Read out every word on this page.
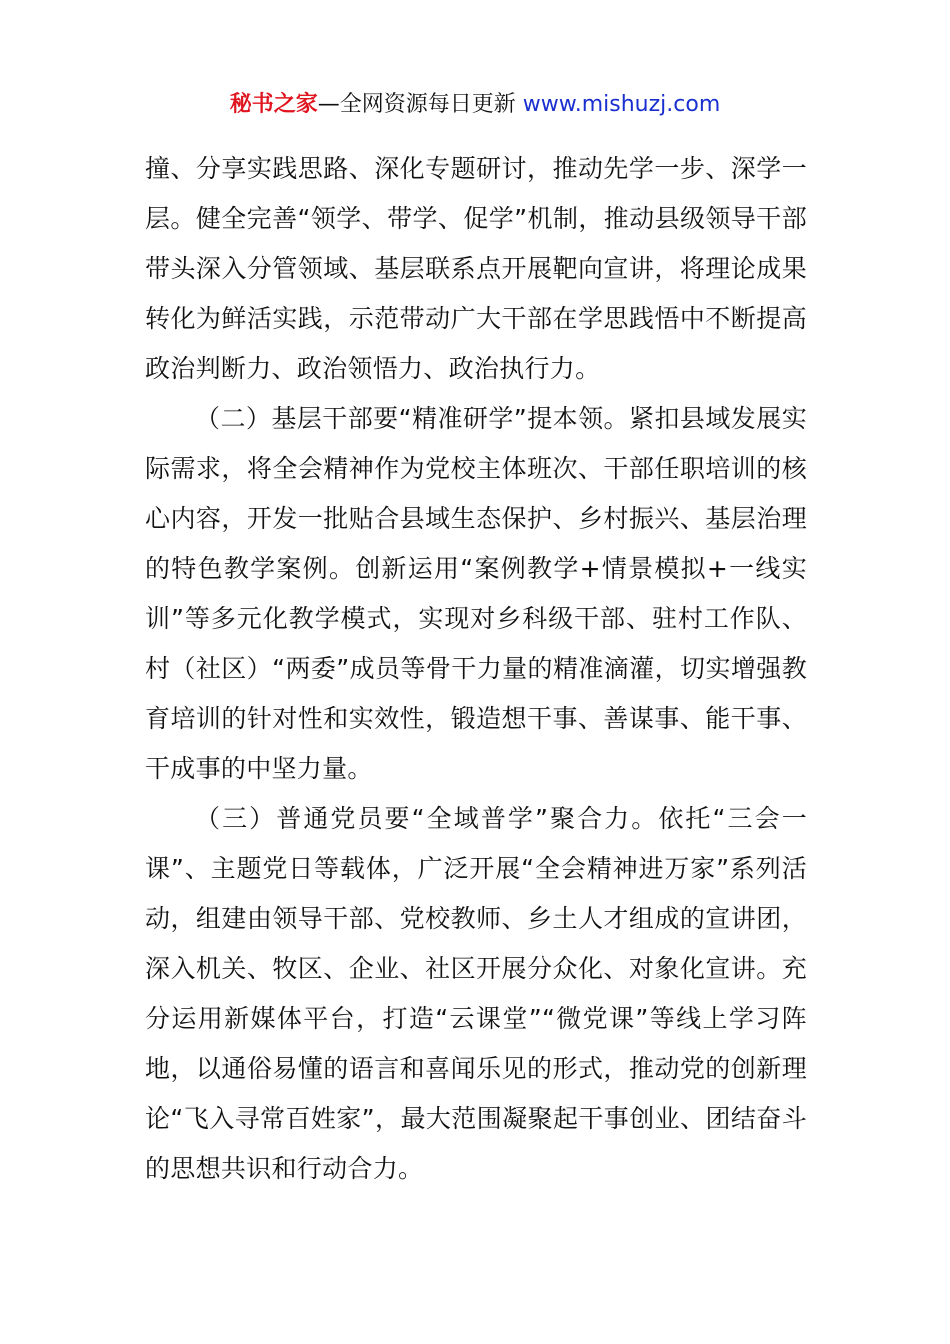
秘书之家—全网资源每日更新 www.mishuzj.com

撞、分享实践思路、深化专题研讨，推动先学一步、深学一层。健全完善“领学、带学、促学”机制，推动县级领导干部带头深入分管领域、基层联系点开展靶向宣讲，将理论成果转化为鲜活实践，示范带动广大干部在学思践悟中不断提高政治判断力、政治领悟力、政治执行力。

（二）基层干部要“精准研学”提本领。紧扣县域发展实际需求，将全会精神作为党校主体班次、干部任职培训的核心内容，开发一批贴合县域生态保护、乡村振兴、基层治理的特色教学案例。创新运用“案例教学+情景模拟+一线实训”等多元化教学模式，实现对乡科级干部、驻村工作队、村（社区）“两委”成员等骨干力量的精准滴灌，切实增强教育培训的针对性和实效性，锻造想干事、善谋事、能干事、干成事的中坚力量。

（三）普通党员要“全域普学”聚合力。依托“三会一课”、主题党日等载体，广泛开展“全会精神进万家”系列活动，组建由领导干部、党校教师、乡土人才组成的宣讲团，深入机关、牧区、企业、社区开展分众化、对象化宣讲。充分运用新媒体平台，打造“云课堂”“微党课”等线上学习阵地，以通俗易懂的语言和喜闻乐见的形式，推动党的创新理论“飞入寻常百姓家”，最大范围凝聚起干事创业、团结奋斗的思想共识和行动合力。
